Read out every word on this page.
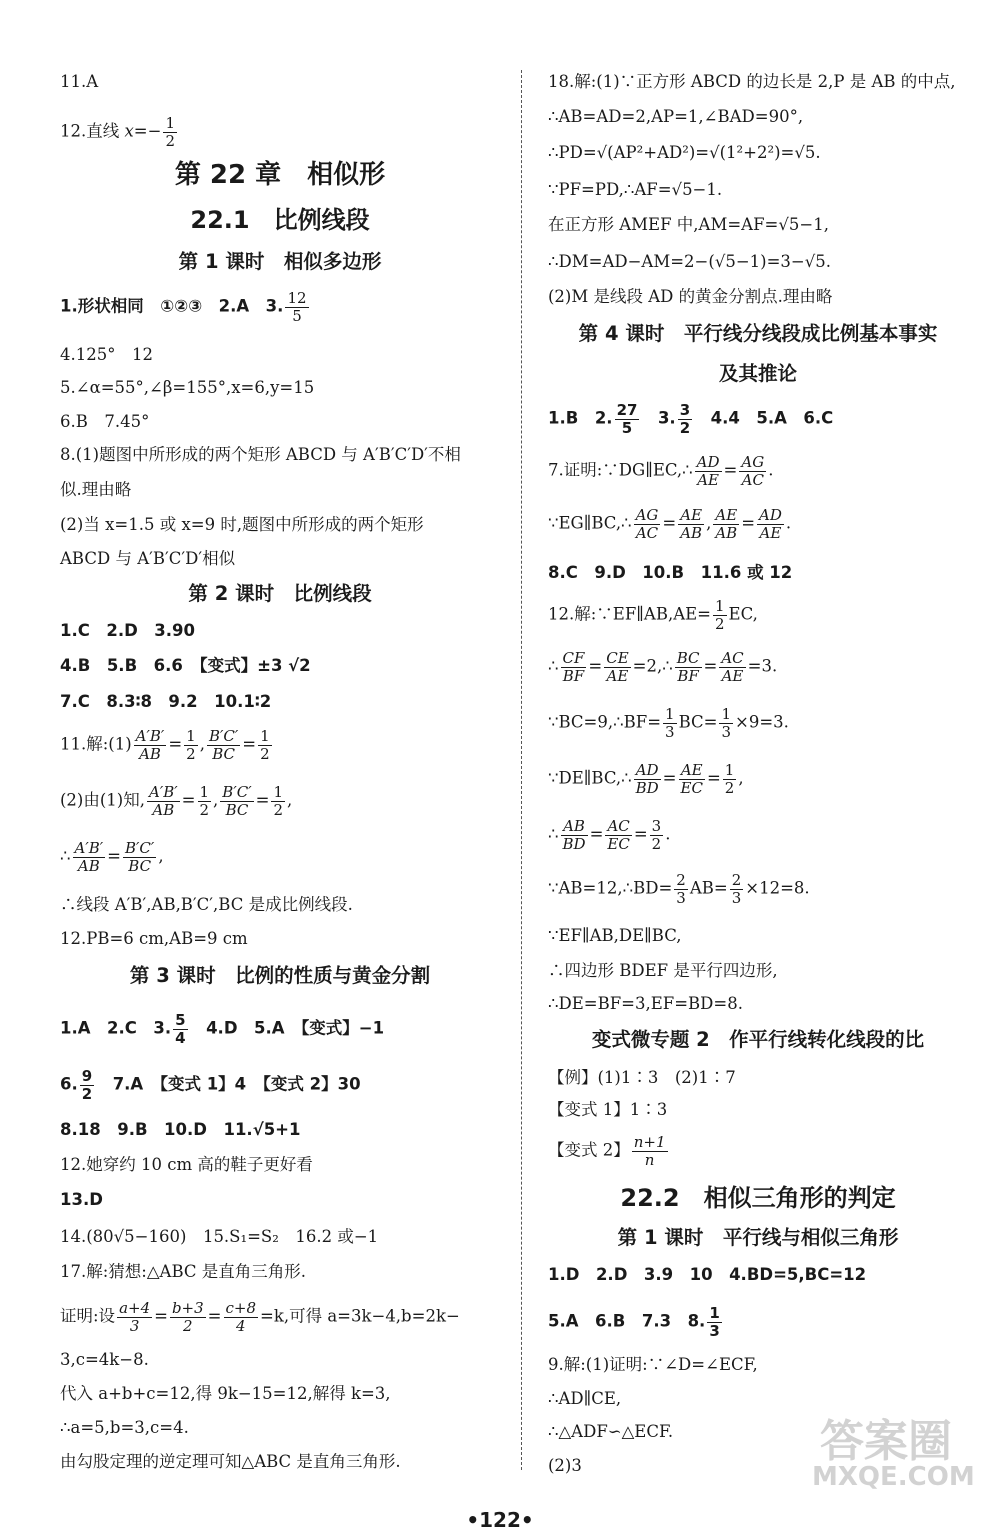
11.A
12.直线 $x=- \frac{1}{2}$
第 22 章　相似形
22.1　比例线段
第 1 课时　相似多边形
1.形状相同　①②③　2.A　3. $\frac{12}{5}$
4.125°　12
5.∠α=55°,∠β=155°,x=6,y=15
6.B　7.45°
8.(1)题图中所形成的两个矩形 ABCD 与 A′B′C′D′不相
似.理由略
(2)当 x=1.5 或 x=9 时,题图中所形成的两个矩形
ABCD 与 A′B′C′D′相似
第 2 课时　比例线段
1.C　2.D　3.90
4.B　5.B　6.6　【变式】±3 √2
7.C　8.3∶8　9.2　10.1∶2
11.解:(1) $\frac{A'B'}{AB} = \frac{1}{2}$ , $\frac{B'C'}{BC} = \frac{1}{2}$
(2)由(1)知, $\frac{A'B'}{AB} = \frac{1}{2}$ , $\frac{B'C'}{BC} = \frac{1}{2}$ ,
∴ $\frac{A'B'}{AB} = \frac{B'C'}{BC}$ ,
∴线段 A′B′,AB,B′C′,BC 是成比例线段.
12.PB=6 cm,AB=9 cm
第 3 课时　比例的性质与黄金分割
1.A　2.C　3. $\frac{5}{4}$ 　4.D　5.A　【变式】−1
6. $\frac{9}{2}$ 　7.A　【变式 1】4　【变式 2】30
8.18　9.B　10.D　11.√5+1
12.她穿约 10 cm 高的鞋子更好看
13.D
14.(80√5−160)　15.S₁=S₂　16.2 或−1
17.解:猜想:△ABC 是直角三角形.
证明:设 $\frac{a+4}{3} = \frac{b+3}{2} = \frac{c+8}{4} =k$,可得 a=3k−4,b=2k−
3,c=4k−8.
代入 a+b+c=12,得 9k−15=12,解得 k=3,
∴a=5,b=3,c=4.
由勾股定理的逆定理可知△ABC 是直角三角形.
18.解:(1)∵正方形 ABCD 的边长是 2,P 是 AB 的中点,
∴AB=AD=2,AP=1,∠BAD=90°,
∴PD=√(AP²+AD²)=√(1²+2²)=√5.
∵PF=PD,∴AF=√5−1.
在正方形 AMEF 中,AM=AF=√5−1,
∴DM=AD−AM=2−(√5−1)=3−√5.
(2)M 是线段 AD 的黄金分割点.理由略
第 4 课时　平行线分线段成比例基本事实
及其推论
1.B　2. $\frac{27}{5}$ 　3. $\frac{3}{2}$ 　4.4　5.A　6.C
7.证明:∵DG∥EC,∴ $\frac{AD}{AE} = \frac{AG}{AC}$ .
∵EG∥BC,∴ $\frac{AG}{AC} = \frac{AE}{AB}$ , $\frac{AE}{AB} = \frac{AD}{AE}$ .
8.C　9.D　10.B　11.6 或 12
12.解:∵EF∥AB,AE= $\frac{1}{2}$ EC,
∴ $\frac{CF}{BF} = \frac{CE}{AE}$ =2,∴ $\frac{BC}{BF} = \frac{AC}{AE} =3$.
∵BC=9,∴BF= $\frac{1}{3} BC= \frac{1}{3} \times 9=3$.
∵DE∥BC,∴ $\frac{AD}{BD} = \frac{AE}{EC} = \frac{1}{2}$ ,
∴ $\frac{AB}{BD} = \frac{AC}{EC} = \frac{3}{2}$ .
∵AB=12,∴BD= $\frac{2}{3} AB= \frac{2}{3} \times 12=8$.
∵EF∥AB,DE∥BC,
∴四边形 BDEF 是平行四边形,
∴DE=BF=3,EF=BD=8.
变式微专题 2　作平行线转化线段的比
【例】(1)1∶3　(2)1∶7
【变式 1】1∶3
【变式 2】 $\frac{n+1}{n}$
22.2　相似三角形的判定
第 1 课时　平行线与相似三角形
1.D　2.D　3.9　10　4.BD=5,BC=12
5.A　6.B　7.3　8. $\frac{1}{3}$
9.解:(1)证明:∵∠D=∠ECF,
∴AD∥CE,
∴△ADF∽△ECF.
(2)3	答案圈
MXQE.COM
•122•
